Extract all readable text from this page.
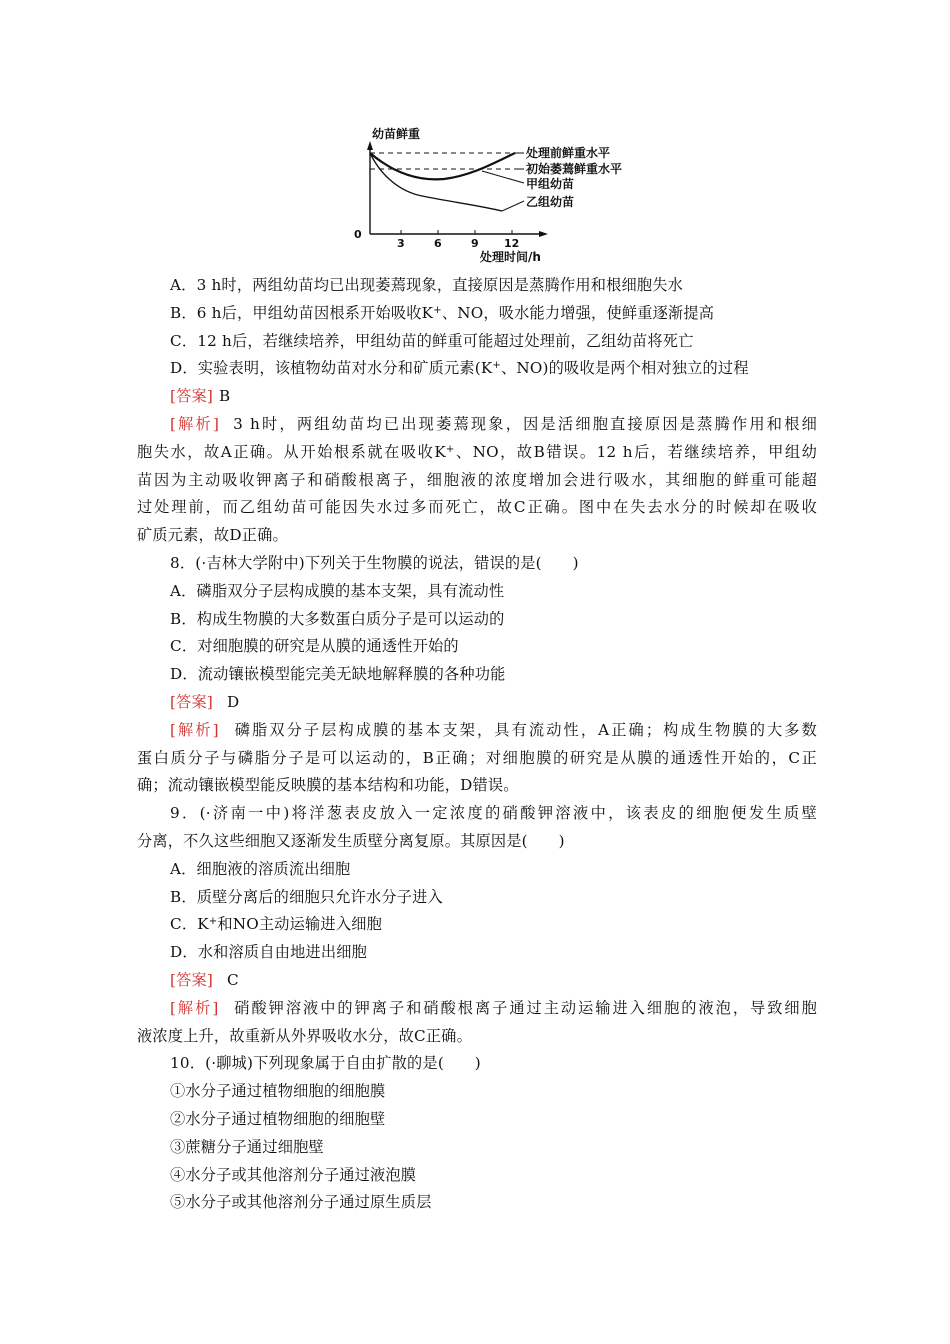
幼苗鲜重
0
3	6	9 12
处理时间/h
处理前鲜重水平
初始萎蔫鲜重水平
甲组幼苗
乙组幼苗
A．3 h时，两组幼苗均已出现萎蔫现象，直接原因是蒸腾作用和根细胞失水
B．6 h后，甲组幼苗因根系开始吸收K+、NO，吸水能力增强，使鲜重逐渐提高
C．12 h后，若继续培养，甲组幼苗的鲜重可能超过处理前，乙组幼苗将死亡
D．实验表明，该植物幼苗对水分和矿质元素(K+、NO)的吸收是两个相对独立的过程
[答案] B
[解析] 3 h时，两组幼苗均已出现萎蔫现象，因是活细胞直接原因是蒸腾作用和根细
胞失水，故A正确。从开始根系就在吸收K+、NO，故B错误。12 h后，若继续培养，甲组幼
苗因为主动吸收钾离子和硝酸根离子，细胞液的浓度增加会进行吸水，其细胞的鲜重可能超
过处理前，而乙组幼苗可能因失水过多而死亡，故C正确。图中在失去水分的时候却在吸收
矿质元素，故D正确。
8．(·吉林大学附中)下列关于生物膜的说法，错误的是(　　)
A．磷脂双分子层构成膜的基本支架，具有流动性
B．构成生物膜的大多数蛋白质分子是可以运动的
C．对细胞膜的研究是从膜的通透性开始的
D．流动镶嵌模型能完美无缺地解释膜的各种功能
[答案] D
[解析] 磷脂双分子层构成膜的基本支架，具有流动性，A正确；构成生物膜的大多数
蛋白质分子与磷脂分子是可以运动的，B正确；对细胞膜的研究是从膜的通透性开始的，C正
确；流动镶嵌模型能反映膜的基本结构和功能，D错误。
9．(·济南一中)将洋葱表皮放入一定浓度的硝酸钾溶液中，该表皮的细胞便发生质壁
分离，不久这些细胞又逐渐发生质壁分离复原。其原因是(　　)
A．细胞液的溶质流出细胞
B．质壁分离后的细胞只允许水分子进入
C．K+和NO主动运输进入细胞
D．水和溶质自由地进出细胞
[答案] C
[解析] 硝酸钾溶液中的钾离子和硝酸根离子通过主动运输进入细胞的液泡，导致细胞
液浓度上升，故重新从外界吸收水分，故C正确。
10．(·聊城)下列现象属于自由扩散的是(　　)
①水分子通过植物细胞的细胞膜
②水分子通过植物细胞的细胞壁
③蔗糖分子通过细胞壁
④水分子或其他溶剂分子通过液泡膜
⑤水分子或其他溶剂分子通过原生质层
